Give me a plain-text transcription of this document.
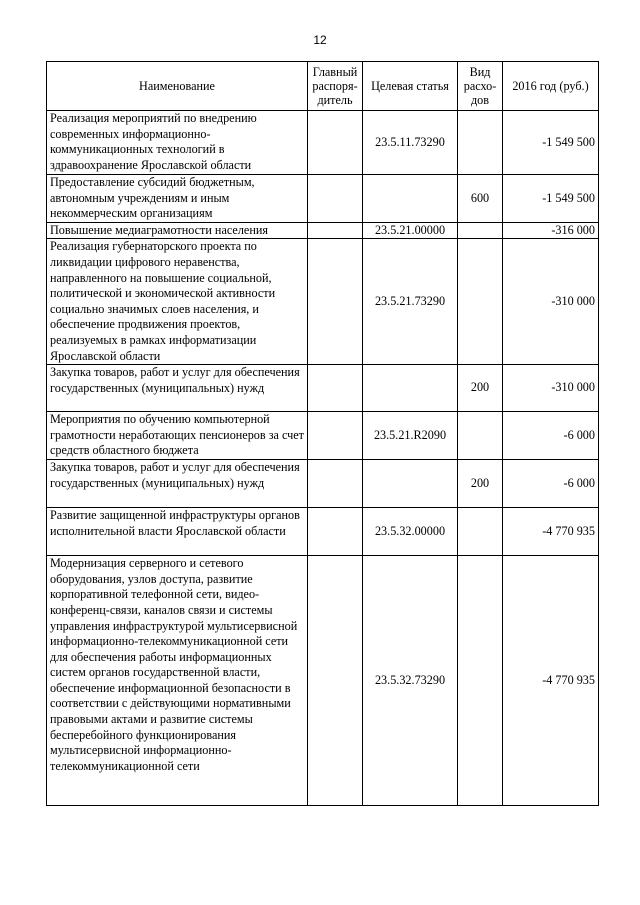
12
Наименование	Главный распоря-дитель	Целевая статья	Вид расхо-дов	2016 год (руб.)
Реализация мероприятий по внедрению современных информационно-коммуникационных технологий в здравоохранение Ярославской области		23.5.11.73290		-1 549 500
Предоставление субсидий бюджетным, автономным учреждениям и иным некоммерческим организациям			600	-1 549 500
Повышение медиаграмотности населения		23.5.21.00000		-316 000
Реализация губернаторского проекта по ликвидации цифрового неравенства, направленного на повышение социальной, политической и экономической активности социально значимых слоев населения, и обеспечение продвижения проектов, реализуемых в рамках информатизации Ярославской области		23.5.21.73290		-310 000
Закупка товаров, работ и услуг для обеспечения государственных (муниципальных) нужд			200	-310 000
Мероприятия по обучению компьютерной грамотности неработающих пенсионеров за счет средств областного бюджета		23.5.21.R2090		-6 000
Закупка товаров, работ и услуг для обеспечения государственных (муниципальных) нужд			200	-6 000
Развитие защищенной инфраструктуры органов исполнительной власти Ярославской области		23.5.32.00000		-4 770 935
Модернизация серверного и сетевого оборудования, узлов доступа, развитие корпоративной телефонной сети, видео-конференц-связи, каналов связи и системы управления инфраструктурой мультисервисной информационно-телекоммуникационной сети для обеспечения работы информационных систем органов государственной власти, обеспечение информационной безопасности в соответствии с действующими нормативными правовыми актами и развитие системы бесперебойного функционирования мультисервисной информационно-телекоммуникационной сети		23.5.32.73290		-4 770 935
